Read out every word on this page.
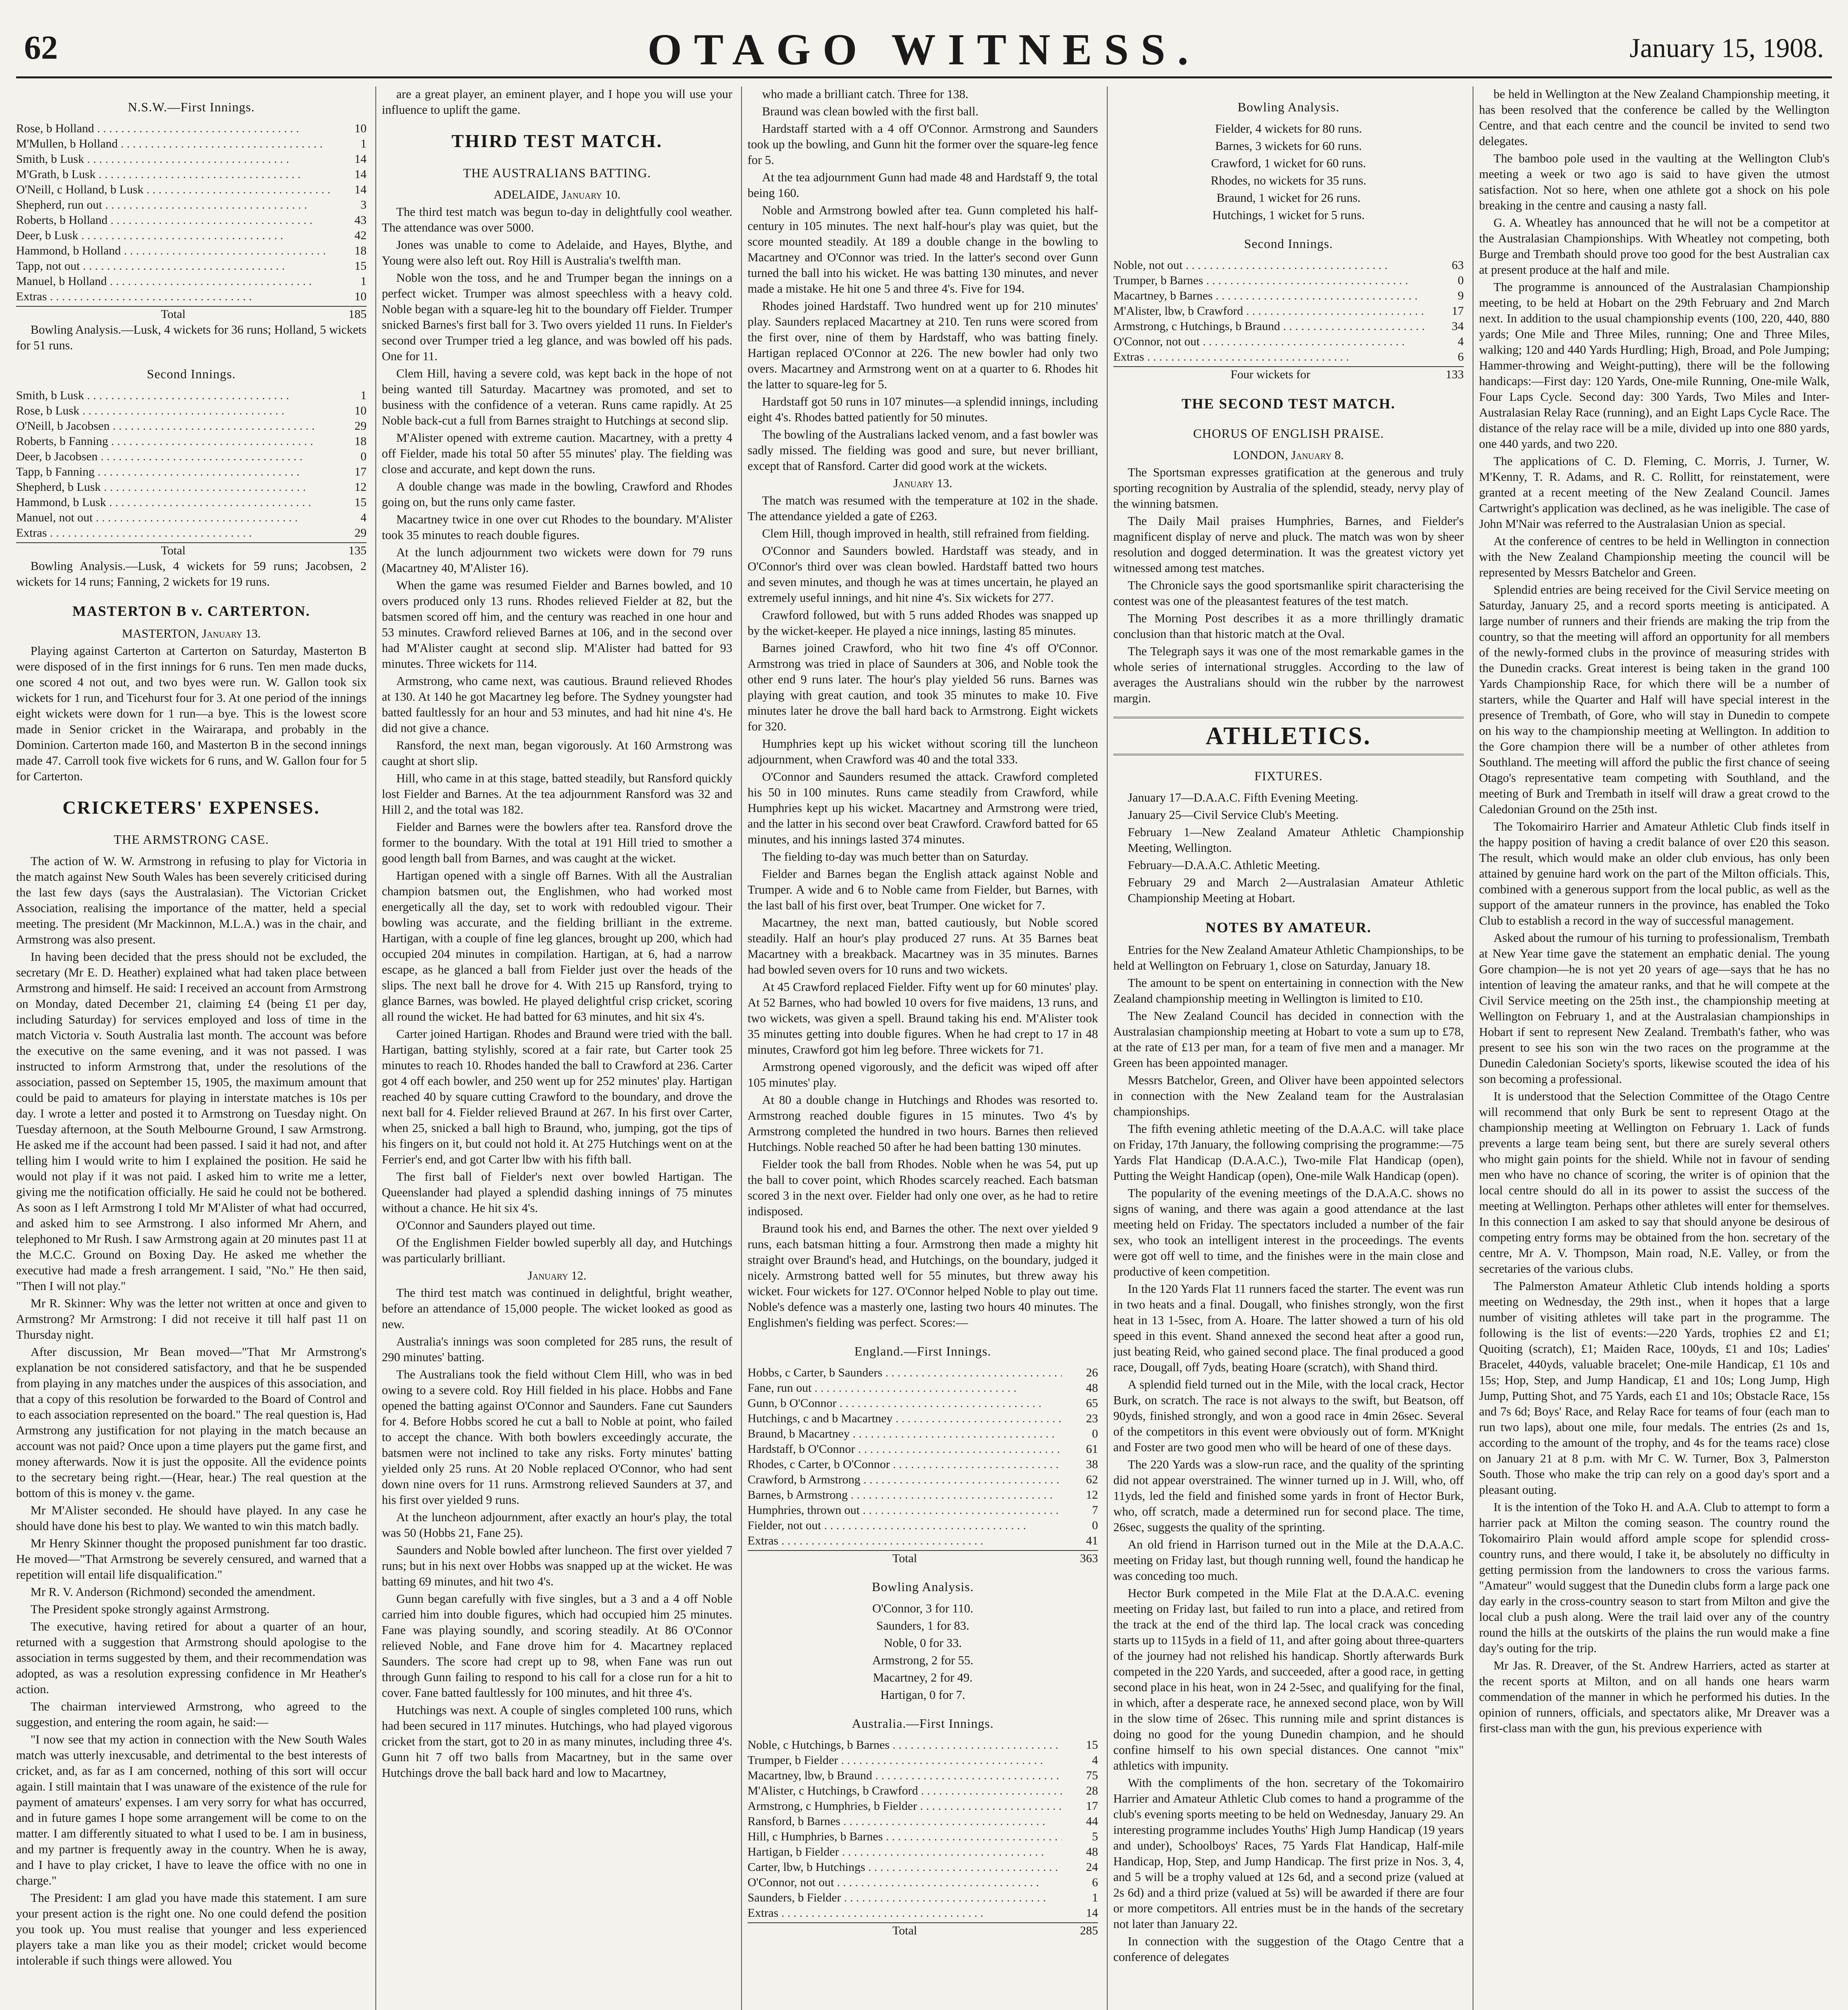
62	OTAGO WITNESS.	January 15, 1908.
N.S.W.—First Innings.
Rose, b Holland . . .	10
M'Mullen, b Holland . . .	1
Smith, b Lusk . . .	14
M'Grath, b Lusk . . .	14
O'Neill, c Holland, b Lusk . . .	14
Shepherd, run out . . .	3
Roberts, b Holland . . .	43
Deer, b Lusk . . .	42
Hammond, b Holland . . .	18
Tapp, not out . . .	15
Manuel, b Holland . . .	1
Extras . . .	10
Total	185

Bowling Analysis.—Lusk, 4 wickets for 36 runs; Holland, 5 wickets for 51 runs.

Second Innings.
Smith, b Lusk . . .	1
Rose, b Lusk . . .	10
O'Neill, b Jacobsen . . .	29
Roberts, b Fanning . . .	18
Deer, b Jacobsen . . .	0
Tapp, b Fanning . . .	17
Shepherd, b Lusk . . .	12
Hammond, b Lusk . . .	15
Manuel, not out . . .	4
Extras . . .	29
Total	135

Bowling Analysis.—Lusk, 4 wickets for 59 runs; Jacobsen, 2 wickets for 14 runs; Fanning, 2 wickets for 19 runs.

MASTERTON B v. CARTERTON.

MASTERTON, January 13.

Playing against Carterton at Carterton on Saturday, Masterton B were disposed of in the first innings for 6 runs. Ten men made ducks, one scored 4 not out, and two byes were run. W. Gallon took six wickets for 1 run, and Ticehurst four for 3. At one period of the innings eight wickets were down for 1 run—a bye. This is the lowest score made in Senior cricket in the Wairarapa, and probably in the Dominion. Carterton made 160, and Masterton B in the second innings made 47. Carroll took five wickets for 6 runs, and W. Gallon four for 5 for Carterton.

CRICKETERS' EXPENSES.
THE ARMSTRONG CASE.

The action of W. W. Armstrong in refusing to play for Victoria in the match against New South Wales has been severely criticised during the last few days (says the Australasian). The Victorian Cricket Association, realising the importance of the matter, held a special meeting. The president (Mr Mackinnon, M.L.A.) was in the chair, and Armstrong was also present.

In having been decided that the press should not be excluded, the secretary (Mr E. D. Heather) explained what had taken place between Armstrong and himself. He said: I received an account from Armstrong on Monday, dated December 21, claiming £4 (being £1 per day, including Saturday) for services employed and loss of time in the match Victoria v. South Australia last month. The account was before the executive on the same evening, and it was not passed. I was instructed to inform Armstrong that, under the resolutions of the association, passed on September 15, 1905, the maximum amount that could be paid to amateurs for playing in interstate matches is 10s per day. I wrote a letter and posted it to Armstrong on Tuesday night. On Tuesday afternoon, at the South Melbourne Ground, I saw Armstrong. He asked me if the account had been passed. I said it had not, and after telling him I would write to him I explained the position. He said he would not play if it was not paid. I asked him to write me a letter, giving me the notification officially. He said he could not be bothered. As soon as I left Armstrong I told Mr M'Alister of what had occurred, and asked him to see Armstrong. I also informed Mr Ahern, and telephoned to Mr Rush. I saw Armstrong again at 20 minutes past 11 at the M.C.C. Ground on Boxing Day. He asked me whether the executive had made a fresh arrangement. I said, "No." He then said, "Then I will not play."

Mr R. Skinner: Why was the letter not written at once and given to Armstrong? Mr Armstrong: I did not receive it till half past 11 on Thursday night.

After discussion, Mr Bean moved—"That Mr Armstrong's explanation be not considered satisfactory, and that he be suspended from playing in any matches under the auspices of this association, and that a copy of this resolution be forwarded to the Board of Control and to each association represented on the board." The real question is, Had Armstrong any justification for not playing in the match because an account was not paid? Once upon a time players put the game first, and money afterwards. Now it is just the opposite. All the evidence points to the secretary being right.—(Hear, hear.) The real question at the bottom of this is money v. the game.

Mr M'Alister seconded. He should have played. In any case he should have done his best to play. We wanted to win this match badly.

Mr Henry Skinner thought the proposed punishment far too drastic. He moved—"That Armstrong be severely censured, and warned that a repetition will entail life disqualification."

Mr R. V. Anderson (Richmond) seconded the amendment.

The President spoke strongly against Armstrong.

The executive, having retired for about a quarter of an hour, returned with a suggestion that Armstrong should apologise to the association in terms suggested by them, and their recommendation was adopted, as was a resolution expressing confidence in Mr Heather's action.

The chairman interviewed Armstrong, who agreed to the suggestion, and entering the room again, he said:—

"I now see that my action in connection with the New South Wales match was utterly inexcusable, and detrimental to the best interests of cricket, and, as far as I am concerned, nothing of this sort will occur again. I still maintain that I was unaware of the existence of the rule for payment of amateurs' expenses. I am very sorry for what has occurred, and in future games I hope some arrangement will be come to on the matter. I am differently situated to what I used to be. I am in business, and my partner is frequently away in the country. When he is away, and I have to play cricket, I have to leave the office with no one in charge."

The President: I am glad you have made this statement. I am sure your present action is the right one. No one could defend the position you took up. You must realise that younger and less experienced players take a man like you as their model; cricket would become intolerable if such things were allowed. You

are a great player, an eminent player, and I hope you will use your influence to uplift the game.

THIRD TEST MATCH.
THE AUSTRALIANS BATTING.

ADELAIDE, January 10.

The third test match was begun to-day in delightfully cool weather. The attendance was over 5000.

Jones was unable to come to Adelaide, and Hayes, Blythe, and Young were also left out. Roy Hill is Australia's twelfth man.

Noble won the toss, and he and Trumper began the innings on a perfect wicket. Trumper was almost speechless with a heavy cold. Noble began with a square-leg hit to the boundary off Fielder. Trumper snicked Barnes's first ball for 3. Two overs yielded 11 runs. In Fielder's second over Trumper tried a leg glance, and was bowled off his pads. One for 11.

Clem Hill, having a severe cold, was kept back in the hope of not being wanted till Saturday. Macartney was promoted, and set to business with the confidence of a veteran. Runs came rapidly. At 25 Noble back-cut a full from Barnes straight to Hutchings at second slip.

M'Alister opened with extreme caution. Macartney, with a pretty 4 off Fielder, made his total 50 after 55 minutes' play. The fielding was close and accurate, and kept down the runs.

A double change was made in the bowling, Crawford and Rhodes going on, but the runs only came faster.

Macartney twice in one over cut Rhodes to the boundary. M'Alister took 35 minutes to reach double figures.

At the lunch adjournment two wickets were down for 79 runs (Macartney 40, M'Alister 16).

When the game was resumed Fielder and Barnes bowled, and 10 overs produced only 13 runs. Rhodes relieved Fielder at 82, but the batsmen scored off him, and the century was reached in one hour and 53 minutes. Crawford relieved Barnes at 106, and in the second over had M'Alister caught at second slip. M'Alister had batted for 93 minutes. Three wickets for 114.

Armstrong, who came next, was cautious. Braund relieved Rhodes at 130. At 140 he got Macartney leg before. The Sydney youngster had batted faultlessly for an hour and 53 minutes, and had hit nine 4's. He did not give a chance.

Ransford, the next man, began vigorously. At 160 Armstrong was caught at short slip.

Hill, who came in at this stage, batted steadily, but Ransford quickly lost Fielder and Barnes. At the tea adjournment Ransford was 32 and Hill 2, and the total was 182.

Fielder and Barnes were the bowlers after tea. Ransford drove the former to the boundary. With the total at 191 Hill tried to smother a good length ball from Barnes, and was caught at the wicket.

Hartigan opened with a single off Barnes. With all the Australian champion batsmen out, the Englishmen, who had worked most energetically all the day, set to work with redoubled vigour. Their bowling was accurate, and the fielding brilliant in the extreme. Hartigan, with a couple of fine leg glances, brought up 200, which had occupied 204 minutes in compilation. Hartigan, at 6, had a narrow escape, as he glanced a ball from Fielder just over the heads of the slips. The next ball he drove for 4. With 215 up Ransford, trying to glance Barnes, was bowled. He played delightful crisp cricket, scoring all round the wicket. He had batted for 63 minutes, and hit six 4's.

Carter joined Hartigan. Rhodes and Braund were tried with the ball. Hartigan, batting stylishly, scored at a fair rate, but Carter took 25 minutes to reach 10. Rhodes handed the ball to Crawford at 236. Carter got 4 off each bowler, and 250 went up for 252 minutes' play. Hartigan reached 40 by square cutting Crawford to the boundary, and drove the next ball for 4. Fielder relieved Braund at 267. In his first over Carter, when 25, snicked a ball high to Braund, who, jumping, got the tips of his fingers on it, but could not hold it. At 275 Hutchings went on at the Ferrier's end, and got Carter lbw with his fifth ball.

The first ball of Fielder's next over bowled Hartigan. The Queenslander had played a splendid dashing innings of 75 minutes without a chance. He hit six 4's.

O'Connor and Saunders played out time.

Of the Englishmen Fielder bowled superbly all day, and Hutchings was particularly brilliant.

January 12.

The third test match was continued in delightful, bright weather, before an attendance of 15,000 people. The wicket looked as good as new.

Australia's innings was soon completed for 285 runs, the result of 290 minutes' batting.

The Australians took the field without Clem Hill, who was in bed owing to a severe cold. Roy Hill fielded in his place. Hobbs and Fane opened the batting against O'Connor and Saunders. Fane cut Saunders for 4. Before Hobbs scored he cut a ball to Noble at point, who failed to accept the chance. With both bowlers exceedingly accurate, the batsmen were not inclined to take any risks. Forty minutes' batting yielded only 25 runs. At 20 Noble replaced O'Connor, who had sent down nine overs for 11 runs. Armstrong relieved Saunders at 37, and his first over yielded 9 runs.

At the luncheon adjournment, after exactly an hour's play, the total was 50 (Hobbs 21, Fane 25).

Saunders and Noble bowled after luncheon. The first over yielded 7 runs; but in his next over Hobbs was snapped up at the wicket. He was batting 69 minutes, and hit two 4's.

Gunn began carefully with five singles, but a 3 and a 4 off Noble carried him into double figures, which had occupied him 25 minutes. Fane was playing soundly, and scoring steadily. At 86 O'Connor relieved Noble, and Fane drove him for 4. Macartney replaced Saunders. The score had crept up to 98, when Fane was run out through Gunn failing to respond to his call for a close run for a hit to cover. Fane batted faultlessly for 100 minutes, and hit three 4's.

Hutchings was next. A couple of singles completed 100 runs, which had been secured in 117 minutes. Hutchings, who had played vigorous cricket from the start, got to 20 in as many minutes, including three 4's. Gunn hit 7 off two balls from Macartney, but in the same over Hutchings drove the ball back hard and low to Macartney,

who made a brilliant catch. Three for 138.

Braund was clean bowled with the first ball.

Hardstaff started with a 4 off O'Connor. Armstrong and Saunders took up the bowling, and Gunn hit the former over the square-leg fence for 5.

At the tea adjournment Gunn had made 48 and Hardstaff 9, the total being 160.

Noble and Armstrong bowled after tea. Gunn completed his half-century in 105 minutes. The next half-hour's play was quiet, but the score mounted steadily. At 189 a double change in the bowling to Macartney and O'Connor was tried. In the latter's second over Gunn turned the ball into his wicket. He was batting 130 minutes, and never made a mistake. He hit one 5 and three 4's. Five for 194.

Rhodes joined Hardstaff. Two hundred went up for 210 minutes' play. Saunders replaced Macartney at 210. Ten runs were scored from the first over, nine of them by Hardstaff, who was batting finely. Hartigan replaced O'Connor at 226. The new bowler had only two overs. Macartney and Armstrong went on at a quarter to 6. Rhodes hit the latter to square-leg for 5.

Hardstaff got 50 runs in 107 minutes—a splendid innings, including eight 4's. Rhodes batted patiently for 50 minutes.

The bowling of the Australians lacked venom, and a fast bowler was sadly missed. The fielding was good and sure, but never brilliant, except that of Ransford. Carter did good work at the wickets.

January 13.

The match was resumed with the temperature at 102 in the shade. The attendance yielded a gate of £263.

Clem Hill, though improved in health, still refrained from fielding.

O'Connor and Saunders bowled. Hardstaff was steady, and in O'Connor's third over was clean bowled. Hardstaff batted two hours and seven minutes, and though he was at times uncertain, he played an extremely useful innings, and hit nine 4's. Six wickets for 277.

Crawford followed, but with 5 runs added Rhodes was snapped up by the wicket-keeper. He played a nice innings, lasting 85 minutes.

Barnes joined Crawford, who hit two fine 4's off O'Connor. Armstrong was tried in place of Saunders at 306, and Noble took the other end 9 runs later. The hour's play yielded 56 runs. Barnes was playing with great caution, and took 35 minutes to make 10. Five minutes later he drove the ball hard back to Armstrong. Eight wickets for 320.

Humphries kept up his wicket without scoring till the luncheon adjournment, when Crawford was 40 and the total 333.

O'Connor and Saunders resumed the attack. Crawford completed his 50 in 100 minutes. Runs came steadily from Crawford, while Humphries kept up his wicket. Macartney and Armstrong were tried, and the latter in his second over beat Crawford. Crawford batted for 65 minutes, and his innings lasted 374 minutes.

The fielding to-day was much better than on Saturday.

Fielder and Barnes began the English attack against Noble and Trumper. A wide and 6 to Noble came from Fielder, but Barnes, with the last ball of his first over, beat Trumper. One wicket for 7.

Macartney, the next man, batted cautiously, but Noble scored steadily. Half an hour's play produced 27 runs. At 35 Barnes beat Macartney with a breakback. Macartney was in 35 minutes. Barnes had bowled seven overs for 10 runs and two wickets.

At 45 Crawford replaced Fielder. Fifty went up for 60 minutes' play. At 52 Barnes, who had bowled 10 overs for five maidens, 13 runs, and two wickets, was given a spell. Braund taking his end. M'Alister took 35 minutes getting into double figures. When he had crept to 17 in 48 minutes, Crawford got him leg before. Three wickets for 71.

Armstrong opened vigorously, and the deficit was wiped off after 105 minutes' play.

At 80 a double change in Hutchings and Rhodes was resorted to. Armstrong reached double figures in 15 minutes. Two 4's by Armstrong completed the hundred in two hours. Barnes then relieved Hutchings. Noble reached 50 after he had been batting 130 minutes.

Fielder took the ball from Rhodes. Noble when he was 54, put up the ball to cover point, which Rhodes scarcely reached. Each batsman scored 3 in the next over. Fielder had only one over, as he had to retire indisposed.

Braund took his end, and Barnes the other. The next over yielded 9 runs, each batsman hitting a four. Armstrong then made a mighty hit straight over Braund's head, and Hutchings, on the boundary, judged it nicely. Armstrong batted well for 55 minutes, but threw away his wicket. Four wickets for 127. O'Connor helped Noble to play out time. Noble's defence was a masterly one, lasting two hours 40 minutes. The Englishmen's fielding was perfect. Scores:—

England.—First Innings.
Hobbs, c Carter, b Saunders . . .	26
Fane, run out . . .	48
Gunn, b O'Connor . . .	65
Hutchings, c and b Macartney . . .	23
Braund, b Macartney . . .	0
Hardstaff, b O'Connor . . .	61
Rhodes, c Carter, b O'Connor . . .	38
Crawford, b Armstrong . . .	62
Barnes, b Armstrong . . .	12
Humphries, thrown out . . .	7
Fielder, not out . . .	0
Extras . . .	41
Total	363
Bowling Analysis.

O'Connor, 3 for 110.

Saunders, 1 for 83.

Noble, 0 for 33.

Armstrong, 2 for 55.

Macartney, 2 for 49.

Hartigan, 0 for 7.

Australia.—First Innings.
Noble, c Hutchings, b Barnes . . .	15
Trumper, b Fielder . . .	4
Macartney, lbw, b Braund . . .	75
M'Alister, c Hutchings, b Crawford . . .	28
Armstrong, c Humphries, b Fielder . . .	17
Ransford, b Barnes . . .	44
Hill, c Humphries, b Barnes . . .	5
Hartigan, b Fielder . . .	48
Carter, lbw, b Hutchings . . .	24
O'Connor, not out . . .	6
Saunders, b Fielder . . .	1
Extras . . .	14
Total	285
Bowling Analysis.

Fielder, 4 wickets for 80 runs.

Barnes, 3 wickets for 60 runs.

Crawford, 1 wicket for 60 runs.

Rhodes, no wickets for 35 runs.

Braund, 1 wicket for 26 runs.

Hutchings, 1 wicket for 5 runs.

Second Innings.
Noble, not out . . .	63
Trumper, b Barnes . . .	0
Macartney, b Barnes . . .	9
M'Alister, lbw, b Crawford . . .	17
Armstrong, c Hutchings, b Braund . . .	34
O'Connor, not out . . .	4
Extras . . .	6
Four wickets for	133
THE SECOND TEST MATCH.
CHORUS OF ENGLISH PRAISE.

LONDON, January 8.

The Sportsman expresses gratification at the generous and truly sporting recognition by Australia of the splendid, steady, nervy play of the winning batsmen.

The Daily Mail praises Humphries, Barnes, and Fielder's magnificent display of nerve and pluck. The match was won by sheer resolution and dogged determination. It was the greatest victory yet witnessed among test matches.

The Chronicle says the good sportsmanlike spirit characterising the contest was one of the pleasantest features of the test match.

The Morning Post describes it as a more thrillingly dramatic conclusion than that historic match at the Oval.

The Telegraph says it was one of the most remarkable games in the whole series of international struggles. According to the law of averages the Australians should win the rubber by the narrowest margin.

ATHLETICS.
FIXTURES.

January 17—D.A.A.C. Fifth Evening Meeting.

January 25—Civil Service Club's Meeting.

February 1—New Zealand Amateur Athletic Championship Meeting, Wellington.

February—D.A.A.C. Athletic Meeting.

February 29 and March 2—Australasian Amateur Athletic Championship Meeting at Hobart.

NOTES BY AMATEUR.

Entries for the New Zealand Amateur Athletic Championships, to be held at Wellington on February 1, close on Saturday, January 18.

The amount to be spent on entertaining in connection with the New Zealand championship meeting in Wellington is limited to £10.

The New Zealand Council has decided in connection with the Australasian championship meeting at Hobart to vote a sum up to £78, at the rate of £13 per man, for a team of five men and a manager. Mr Green has been appointed manager.

Messrs Batchelor, Green, and Oliver have been appointed selectors in connection with the New Zealand team for the Australasian championships.

The fifth evening athletic meeting of the D.A.A.C. will take place on Friday, 17th January, the following comprising the programme:—75 Yards Flat Handicap (D.A.A.C.), Two-mile Flat Handicap (open), Putting the Weight Handicap (open), One-mile Walk Handicap (open).

The popularity of the evening meetings of the D.A.A.C. shows no signs of waning, and there was again a good attendance at the last meeting held on Friday. The spectators included a number of the fair sex, who took an intelligent interest in the proceedings. The events were got off well to time, and the finishes were in the main close and productive of keen competition.

In the 120 Yards Flat 11 runners faced the starter. The event was run in two heats and a final. Dougall, who finishes strongly, won the first heat in 13 1-5sec, from A. Hoare. The latter showed a turn of his old speed in this event. Shand annexed the second heat after a good run, just beating Reid, who gained second place. The final produced a good race, Dougall, off 7yds, beating Hoare (scratch), with Shand third.

A splendid field turned out in the Mile, with the local crack, Hector Burk, on scratch. The race is not always to the swift, but Beatson, off 90yds, finished strongly, and won a good race in 4min 26sec. Several of the competitors in this event were obviously out of form. M'Knight and Foster are two good men who will be heard of one of these days.

The 220 Yards was a slow-run race, and the quality of the sprinting did not appear overstrained. The winner turned up in J. Will, who, off 11yds, led the field and finished some yards in front of Hector Burk, who, off scratch, made a determined run for second place. The time, 26sec, suggests the quality of the sprinting.

An old friend in Harrison turned out in the Mile at the D.A.A.C. meeting on Friday last, but though running well, found the handicap he was conceding too much.

Hector Burk competed in the Mile Flat at the D.A.A.C. evening meeting on Friday last, but failed to run into a place, and retired from the track at the end of the third lap. The local crack was conceding starts up to 115yds in a field of 11, and after going about three-quarters of the journey had not relished his handicap. Shortly afterwards Burk competed in the 220 Yards, and succeeded, after a good race, in getting second place in his heat, won in 24 2-5sec, and qualifying for the final, in which, after a desperate race, he annexed second place, won by Will in the slow time of 26sec. This running mile and sprint distances is doing no good for the young Dunedin champion, and he should confine himself to his own special distances. One cannot "mix" athletics with impunity.

With the compliments of the hon. secretary of the Tokomairiro Harrier and Amateur Athletic Club comes to hand a programme of the club's evening sports meeting to be held on Wednesday, January 29. An interesting programme includes Youths' High Jump Handicap (19 years and under), Schoolboys' Races, 75 Yards Flat Handicap, Half-mile Handicap, Hop, Step, and Jump Handicap. The first prize in Nos. 3, 4, and 5 will be a trophy valued at 12s 6d, and a second prize (valued at 2s 6d) and a third prize (valued at 5s) will be awarded if there are four or more competitors. All entries must be in the hands of the secretary not later than January 22.

In connection with the suggestion of the Otago Centre that a conference of delegates

be held in Wellington at the New Zealand Championship meeting, it has been resolved that the conference be called by the Wellington Centre, and that each centre and the council be invited to send two delegates.

The bamboo pole used in the vaulting at the Wellington Club's meeting a week or two ago is said to have given the utmost satisfaction. Not so here, when one athlete got a shock on his pole breaking in the centre and causing a nasty fall.

G. A. Wheatley has announced that he will not be a competitor at the Australasian Championships. With Wheatley not competing, both Burge and Trembath should prove too good for the best Australian cax at present produce at the half and mile.

The programme is announced of the Australasian Championship meeting, to be held at Hobart on the 29th February and 2nd March next. In addition to the usual championship events (100, 220, 440, 880 yards; One Mile and Three Miles, running; One and Three Miles, walking; 120 and 440 Yards Hurdling; High, Broad, and Pole Jumping; Hammer-throwing and Weight-putting), there will be the following handicaps:—First day: 120 Yards, One-mile Running, One-mile Walk, Four Laps Cycle. Second day: 300 Yards, Two Miles and Inter-Australasian Relay Race (running), and an Eight Laps Cycle Race. The distance of the relay race will be a mile, divided up into one 880 yards, one 440 yards, and two 220.

The applications of C. D. Fleming, C. Morris, J. Turner, W. M'Kenny, T. R. Adams, and R. C. Rollitt, for reinstatement, were granted at a recent meeting of the New Zealand Council. James Cartwright's application was declined, as he was ineligible. The case of John M'Nair was referred to the Australasian Union as special.

At the conference of centres to be held in Wellington in connection with the New Zealand Championship meeting the council will be represented by Messrs Batchelor and Green.

Splendid entries are being received for the Civil Service meeting on Saturday, January 25, and a record sports meeting is anticipated. A large number of runners and their friends are making the trip from the country, so that the meeting will afford an opportunity for all members of the newly-formed clubs in the province of measuring strides with the Dunedin cracks. Great interest is being taken in the grand 100 Yards Championship Race, for which there will be a number of starters, while the Quarter and Half will have special interest in the presence of Trembath, of Gore, who will stay in Dunedin to compete on his way to the championship meeting at Wellington. In addition to the Gore champion there will be a number of other athletes from Southland. The meeting will afford the public the first chance of seeing Otago's representative team competing with Southland, and the meeting of Burk and Trembath in itself will draw a great crowd to the Caledonian Ground on the 25th inst.

The Tokomairiro Harrier and Amateur Athletic Club finds itself in the happy position of having a credit balance of over £20 this season. The result, which would make an older club envious, has only been attained by genuine hard work on the part of the Milton officials. This, combined with a generous support from the local public, as well as the support of the amateur runners in the province, has enabled the Toko Club to establish a record in the way of successful management.

Asked about the rumour of his turning to professionalism, Trembath at New Year time gave the statement an emphatic denial. The young Gore champion—he is not yet 20 years of age—says that he has no intention of leaving the amateur ranks, and that he will compete at the Civil Service meeting on the 25th inst., the championship meeting at Wellington on February 1, and at the Australasian championships in Hobart if sent to represent New Zealand. Trembath's father, who was present to see his son win the two races on the programme at the Dunedin Caledonian Society's sports, likewise scouted the idea of his son becoming a professional.

It is understood that the Selection Committee of the Otago Centre will recommend that only Burk be sent to represent Otago at the championship meeting at Wellington on February 1. Lack of funds prevents a large team being sent, but there are surely several others who might gain points for the shield. While not in favour of sending men who have no chance of scoring, the writer is of opinion that the local centre should do all in its power to assist the success of the meeting at Wellington. Perhaps other athletes will enter for themselves. In this connection I am asked to say that should anyone be desirous of competing entry forms may be obtained from the hon. secretary of the centre, Mr A. V. Thompson, Main road, N.E. Valley, or from the secretaries of the various clubs.

The Palmerston Amateur Athletic Club intends holding a sports meeting on Wednesday, the 29th inst., when it hopes that a large number of visiting athletes will take part in the programme. The following is the list of events:—220 Yards, trophies £2 and £1; Quoiting (scratch), £1; Maiden Race, 100yds, £1 and 10s; Ladies' Bracelet, 440yds, valuable bracelet; One-mile Handicap, £1 10s and 15s; Hop, Step, and Jump Handicap, £1 and 10s; Long Jump, High Jump, Putting Shot, and 75 Yards, each £1 and 10s; Obstacle Race, 15s and 7s 6d; Boys' Race, and Relay Race for teams of four (each man to run two laps), about one mile, four medals. The entries (2s and 1s, according to the amount of the trophy, and 4s for the teams race) close on January 21 at 8 p.m. with Mr C. W. Turner, Box 3, Palmerston South. Those who make the trip can rely on a good day's sport and a pleasant outing.

It is the intention of the Toko H. and A.A. Club to attempt to form a harrier pack at Milton the coming season. The country round the Tokomairiro Plain would afford ample scope for splendid cross-country runs, and there would, I take it, be absolutely no difficulty in getting permission from the landowners to cross the various farms. "Amateur" would suggest that the Dunedin clubs form a large pack one day early in the cross-country season to start from Milton and give the local club a push along. Were the trail laid over any of the country round the hills at the outskirts of the plains the run would make a fine day's outing for the trip.

Mr Jas. R. Dreaver, of the St. Andrew Harriers, acted as starter at the recent sports at Milton, and on all hands one hears warm commendation of the manner in which he performed his duties. In the opinion of runners, officials, and spectators alike, Mr Dreaver was a first-class man with the gun, his previous experience with
